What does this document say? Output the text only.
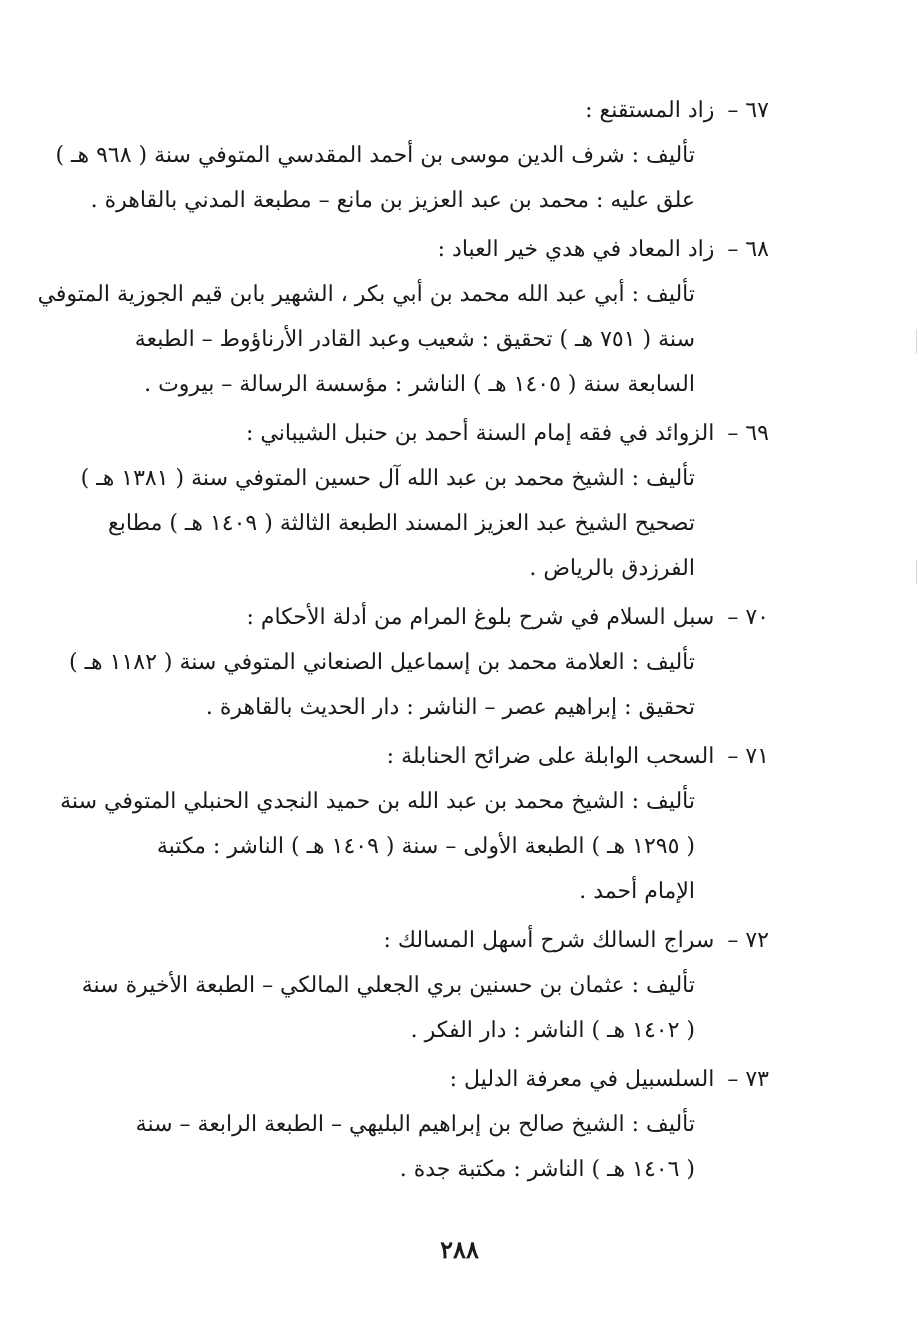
٦٧ – زاد المستقنع :
تأليف : شرف الدين موسى بن أحمد المقدسي المتوفي سنة ( ٩٦٨ هـ )
علق عليه : محمد بن عبد العزيز بن مانع – مطبعة المدني بالقاهرة .
٦٨ – زاد المعاد في هدي خير العباد :
تأليف : أبي عبد الله محمد بن أبي بكر ، الشهير بابن قيم الجوزية المتوفي
سنة ( ٧٥١ هـ ) تحقيق : شعيب وعبد القادر الأرناؤوط – الطبعة
السابعة سنة ( ١٤٠٥ هـ ) الناشر : مؤسسة الرسالة – بيروت .
٦٩ – الزوائد في فقه إمام السنة أحمد بن حنبل الشيباني :
تأليف : الشيخ محمد بن عبد الله آل حسين المتوفي سنة ( ١٣٨١ هـ )
تصحيح الشيخ عبد العزيز المسند الطبعة الثالثة ( ١٤٠٩ هـ ) مطابع
الفرزدق بالرياض .
٧٠ – سبل السلام في شرح بلوغ المرام من أدلة الأحكام :
تأليف : العلامة محمد بن إسماعيل الصنعاني المتوفي سنة ( ١١٨٢ هـ )
تحقيق : إبراهيم عصر – الناشر : دار الحديث بالقاهرة .
٧١ – السحب الوابلة على ضرائح الحنابلة :
تأليف : الشيخ محمد بن عبد الله بن حميد النجدي الحنبلي المتوفي سنة
( ١٢٩٥ هـ ) الطبعة الأولى – سنة ( ١٤٠٩ هـ ) الناشر : مكتبة
الإمام أحمد .
٧٢ – سراج السالك شرح أسهل المسالك :
تأليف : عثمان بن حسنين بري الجعلي المالكي – الطبعة الأخيرة سنة
( ١٤٠٢ هـ ) الناشر : دار الفكر .
٧٣ – السلسبيل في معرفة الدليل :
تأليف : الشيخ صالح بن إبراهيم البليهي – الطبعة الرابعة – سنة
( ١٤٠٦ هـ ) الناشر : مكتبة جدة .
٢٨٨
